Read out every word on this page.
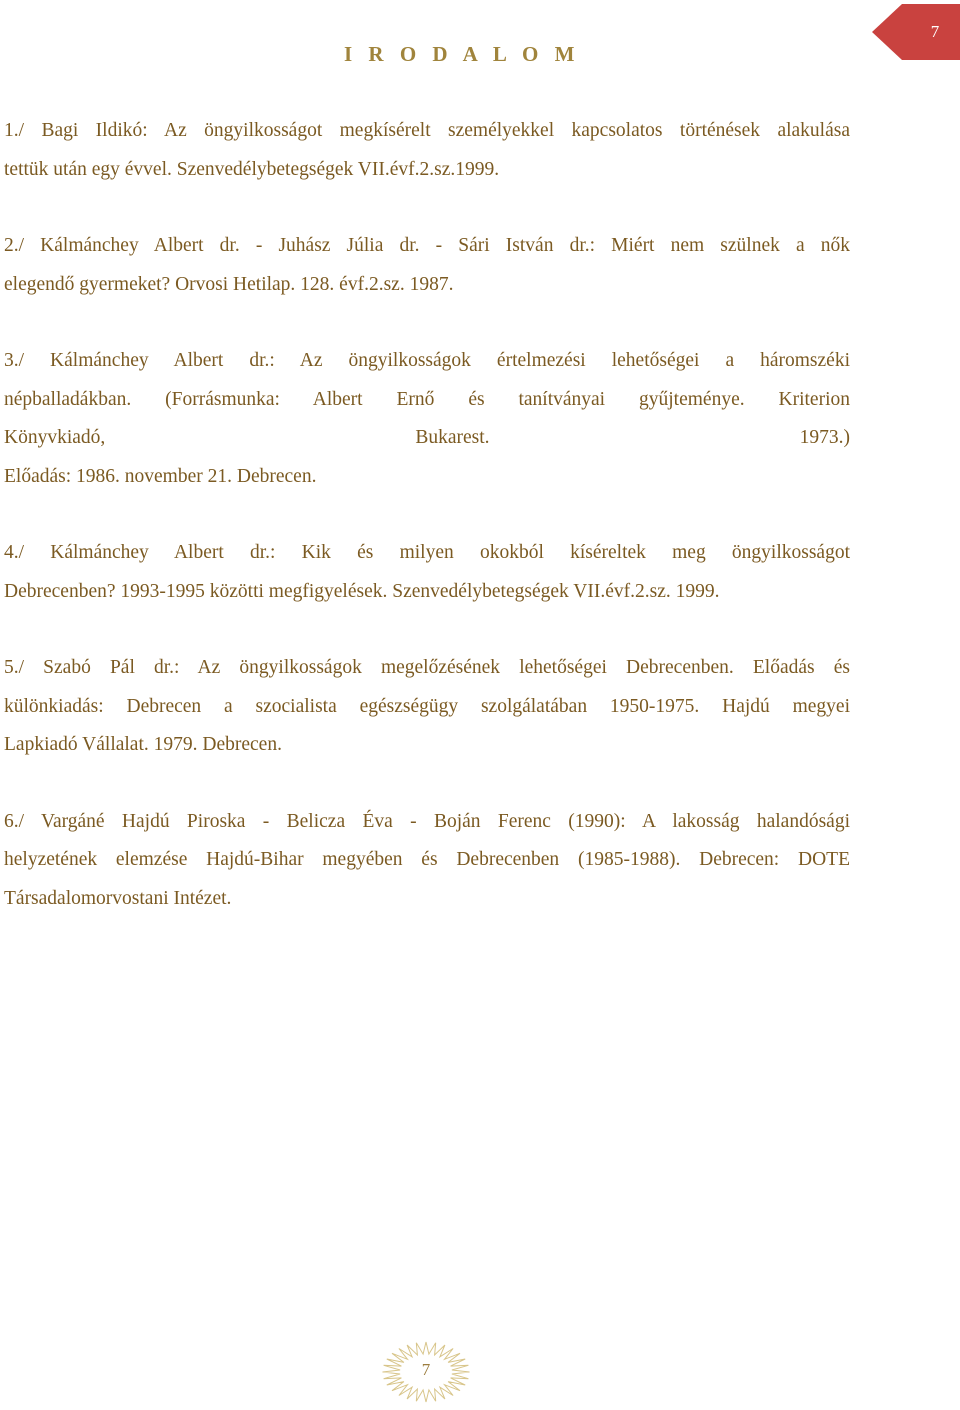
7
I R O D A L O M

1./ Bagi Ildikó: Az öngyilkosságot megkísérelt személyekkel kapcsolatos történések alakulása
tettük után egy évvel. Szenvedélybetegségek VII.évf.2.sz.1999.

2./ Kálmánchey Albert dr. - Juhász Júlia dr. - Sári István dr.: Miért nem szülnek a nők
elegendő gyermeket? Orvosi Hetilap. 128. évf.2.sz. 1987.

3./ Kálmánchey Albert dr.: Az öngyilkosságok értelmezési lehetőségei a háromszéki
népballadákban. (Forrásmunka: Albert Ernő és tanítványai gyűjteménye. Kriterion
Könyvkiadó, Bukarest. 1973.)
Előadás: 1986. november 21. Debrecen.

4./ Kálmánchey Albert dr.: Kik és milyen okokból kíséreltek meg öngyilkosságot
Debrecenben? 1993-1995 közötti megfigyelések. Szenvedélybetegségek VII.évf.2.sz. 1999.

5./ Szabó Pál dr.: Az öngyilkosságok megelőzésének lehetőségei Debrecenben. Előadás és
különkiadás: Debrecen a szocialista egészségügy szolgálatában 1950-1975. Hajdú megyei
Lapkiadó Vállalat. 1979. Debrecen.

6./ Vargáné Hajdú Piroska - Belicza Éva - Boján Ferenc (1990): A lakosság halandósági
helyzetének elemzése Hajdú-Bihar megyében és Debrecenben (1985-1988). Debrecen: DOTE
Társadalomorvostani Intézet.

7
